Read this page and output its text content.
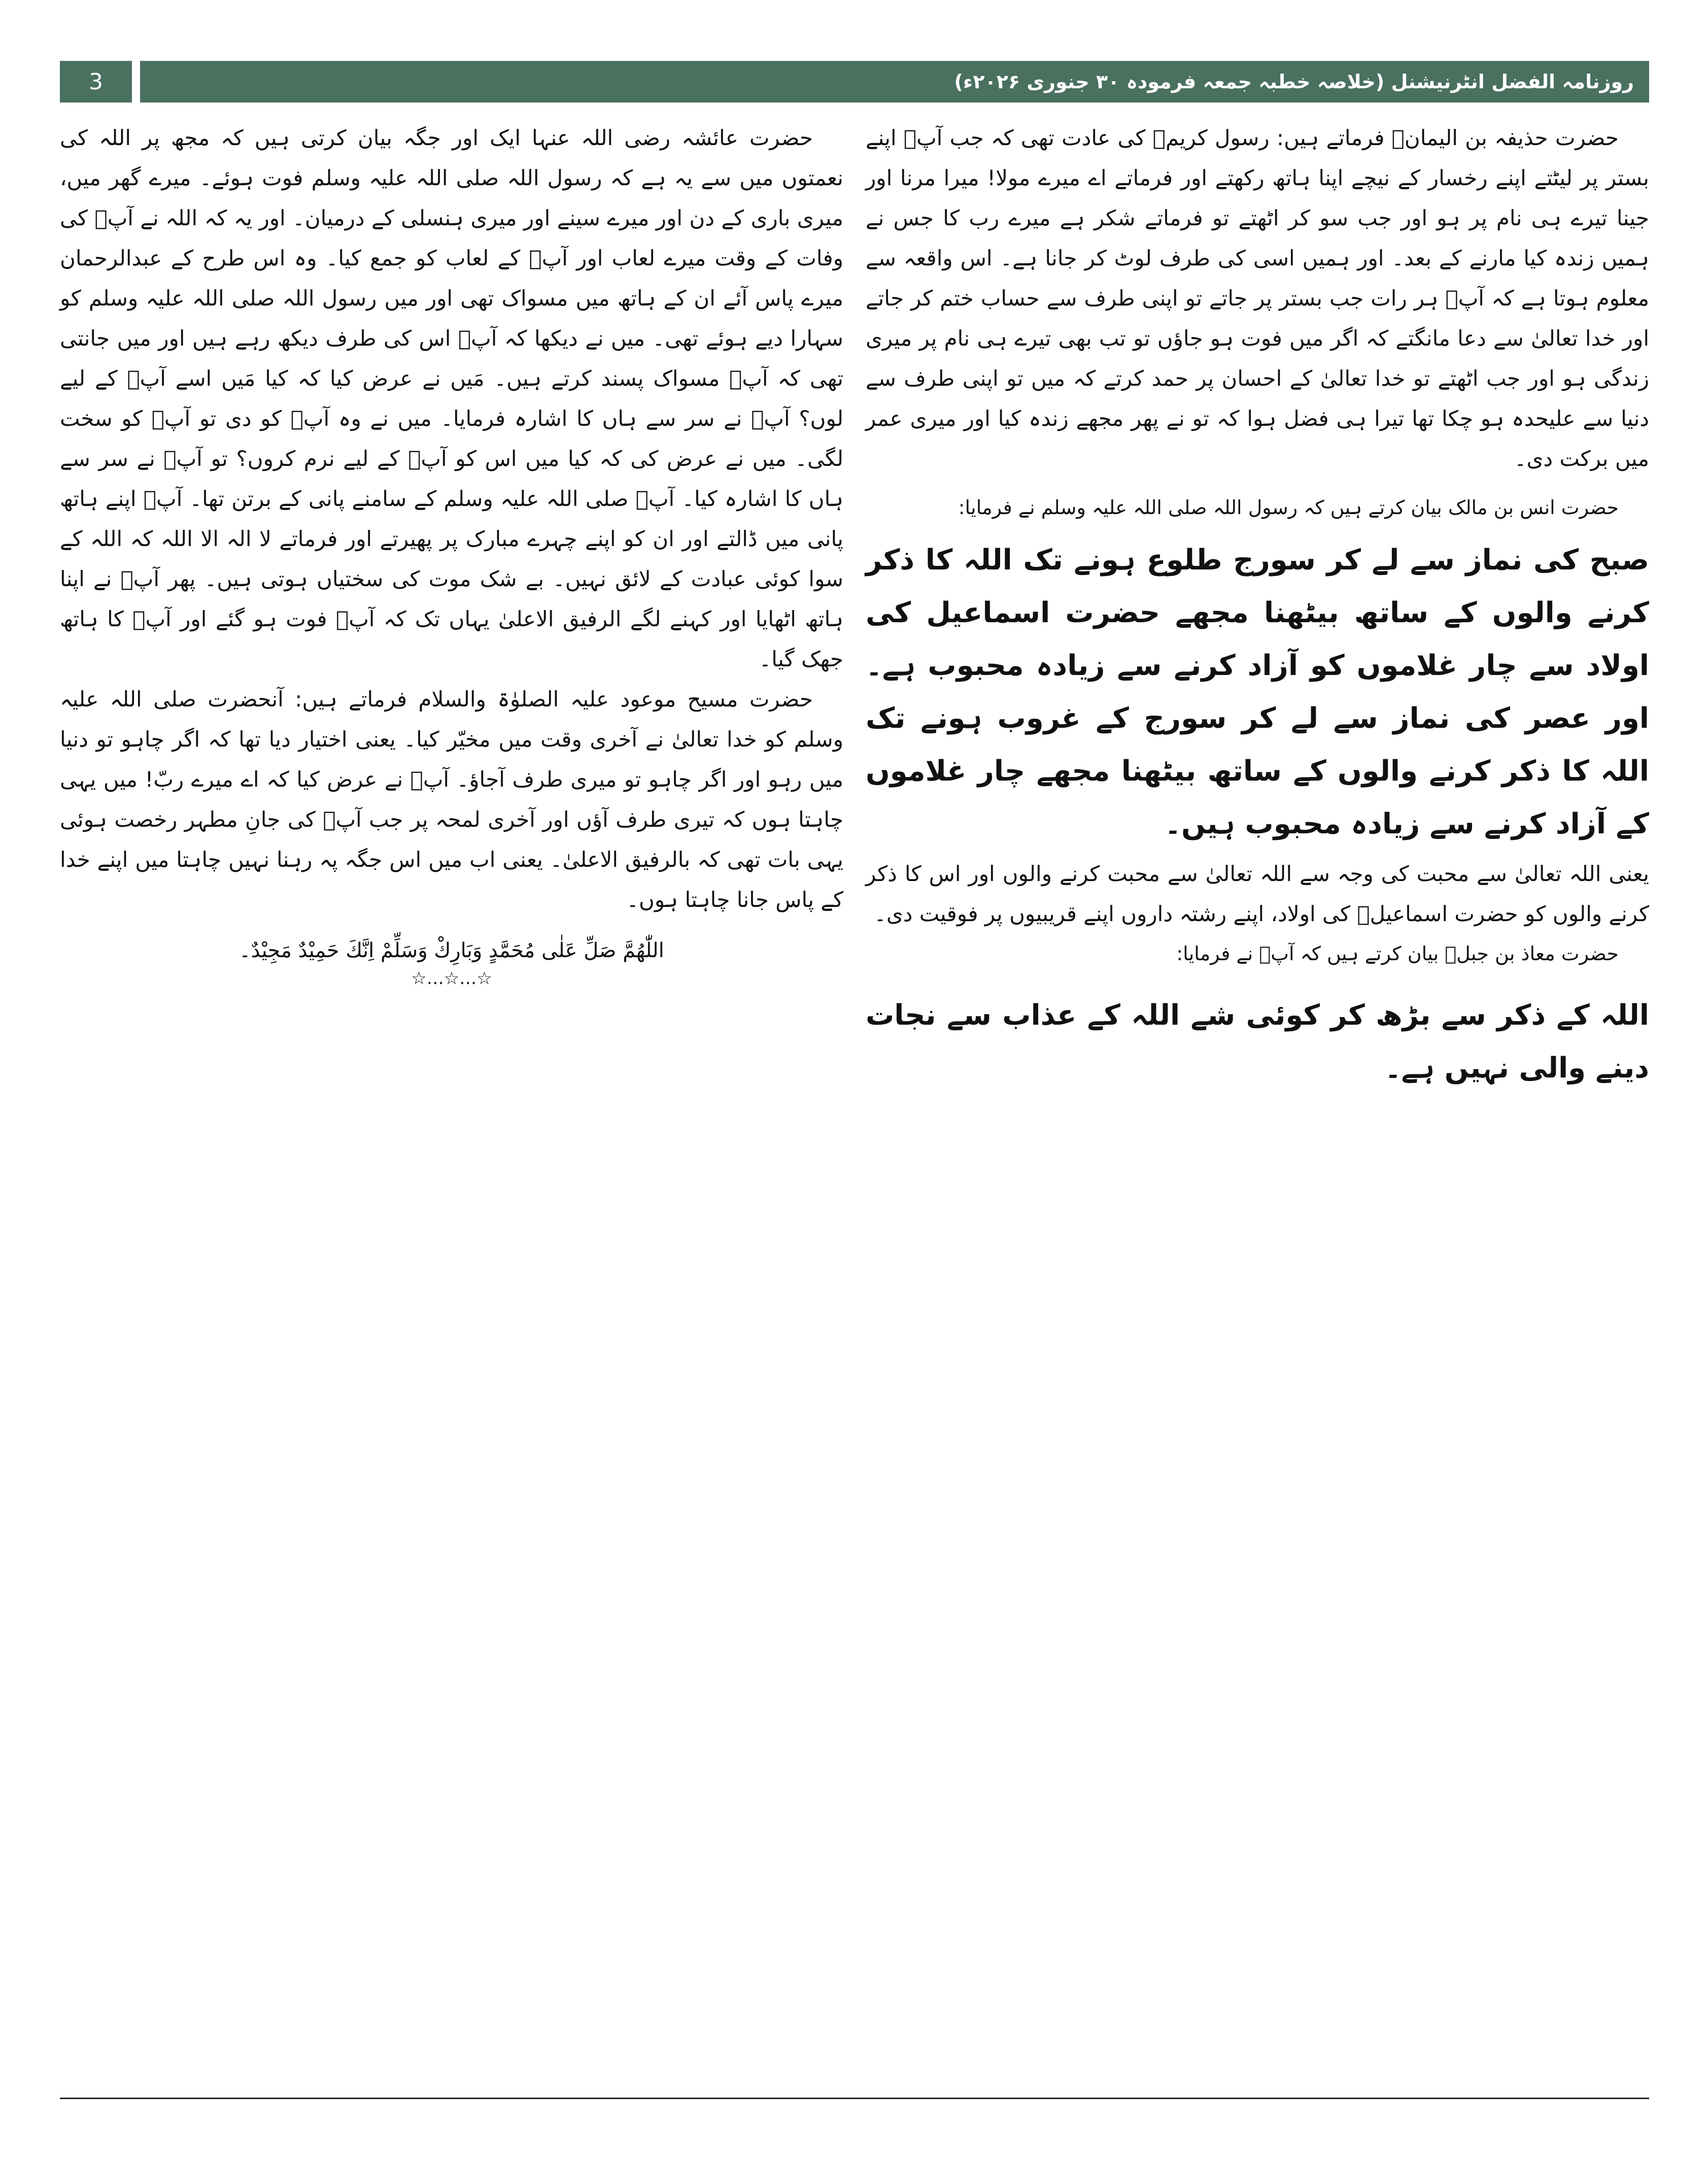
3	روزنامہ الفضل انٹرنیشنل (خلاصہ خطبہ جمعہ فرمودہ ۳۰ جنوری ۲۰۲۶ء)

حضرت حذیفہ بن الیمانؓ فرماتے ہیں: رسول کریمؐ کی عادت تھی کہ جب آپؐ اپنے بستر پر لیٹتے اپنے رخسار کے نیچے اپنا ہاتھ رکھتے اور فرماتے اے میرے مولا! میرا مرنا اور جینا تیرے ہی نام پر ہو اور جب سو کر اٹھتے تو فرماتے شکر ہے میرے رب کا جس نے ہمیں زندہ کیا مارنے کے بعد۔ اور ہمیں اسی کی طرف لوٹ کر جانا ہے۔ اس واقعہ سے معلوم ہوتا ہے کہ آپؐ ہر رات جب بستر پر جاتے تو اپنی طرف سے حساب ختم کر جاتے اور خدا تعالیٰ سے دعا مانگتے کہ اگر میں فوت ہو جاؤں تو تب بھی تیرے ہی نام پر میری زندگی ہو اور جب اٹھتے تو خدا تعالیٰ کے احسان پر حمد کرتے کہ میں تو اپنی طرف سے دنیا سے علیحدہ ہو چکا تھا تیرا ہی فضل ہوا کہ تو نے پھر مجھے زندہ کیا اور میری عمر میں برکت دی۔

حضرت انس بن مالک بیان کرتے ہیں کہ رسول اللہ صلی اللہ علیہ وسلم نے فرمایا:

صبح کی نماز سے لے کر سورج طلوع ہونے تک اللہ کا ذکر کرنے والوں کے ساتھ بیٹھنا مجھے حضرت اسماعیل کی اولاد سے چار غلاموں کو آزاد کرنے سے زیادہ محبوب ہے۔ اور عصر کی نماز سے لے کر سورج کے غروب ہونے تک اللہ کا ذکر کرنے والوں کے ساتھ بیٹھنا مجھے چار غلاموں کے آزاد کرنے سے زیادہ محبوب ہیں۔

یعنی اللہ تعالیٰ سے محبت کی وجہ سے اللہ تعالیٰ سے محبت کرنے والوں اور اس کا ذکر کرنے والوں کو حضرت اسماعیلؑ کی اولاد، اپنے رشتہ داروں اپنے قریبیوں پر فوقیت دی۔

حضرت معاذ بن جبلؓ بیان کرتے ہیں کہ آپؐ نے فرمایا:

اللہ کے ذکر سے بڑھ کر کوئی شے اللہ کے عذاب سے نجات دینے والی نہیں ہے۔

حضرت عائشہ رضی اللہ عنہا ایک اور جگہ بیان کرتی ہیں کہ مجھ پر اللہ کی نعمتوں میں سے یہ ہے کہ رسول اللہ صلی اللہ علیہ وسلم فوت ہوئے۔ میرے گھر میں، میری باری کے دن اور میرے سینے اور میری ہنسلی کے درمیان۔ اور یہ کہ اللہ نے آپؐ کی وفات کے وقت میرے لعاب اور آپؐ کے لعاب کو جمع کیا۔ وہ اس طرح کے عبدالرحمان میرے پاس آئے ان کے ہاتھ میں مسواک تھی اور میں رسول اللہ صلی اللہ علیہ وسلم کو سہارا دیے ہوئے تھی۔ میں نے دیکھا کہ آپؐ اس کی طرف دیکھ رہے ہیں اور میں جانتی تھی کہ آپؐ مسواک پسند کرتے ہیں۔ مَیں نے عرض کیا کہ کیا مَیں اسے آپؐ کے لیے لوں؟ آپؐ نے سر سے ہاں کا اشارہ فرمایا۔ میں نے وہ آپؐ کو دی تو آپؐ کو سخت لگی۔ میں نے عرض کی کہ کیا میں اس کو آپؐ کے لیے نرم کروں؟ تو آپؐ نے سر سے ہاں کا اشارہ کیا۔ آپؐ صلی اللہ علیہ وسلم کے سامنے پانی کے برتن تھا۔ آپؐ اپنے ہاتھ پانی میں ڈالتے اور ان کو اپنے چہرے مبارک پر پھیرتے اور فرماتے لا الہ الا اللہ کہ اللہ کے سوا کوئی عبادت کے لائق نہیں۔ بے شک موت کی سختیاں ہوتی ہیں۔ پھر آپؐ نے اپنا ہاتھ اٹھایا اور کہنے لگے الرفیق الاعلیٰ یہاں تک کہ آپؐ فوت ہو گئے اور آپؐ کا ہاتھ جھک گیا۔

حضرت مسیح موعود علیہ الصلوٰۃ والسلام فرماتے ہیں: آنحضرت صلی اللہ علیہ وسلم کو خدا تعالیٰ نے آخری وقت میں مخیّر کیا۔ یعنی اختیار دیا تھا کہ اگر چاہو تو دنیا میں رہو اور اگر چاہو تو میری طرف آجاؤ۔ آپؐ نے عرض کیا کہ اے میرے ربّ! میں یہی چاہتا ہوں کہ تیری طرف آؤں اور آخری لمحہ پر جب آپؐ کی جانِ مطہر رخصت ہوئی یہی بات تھی کہ بالرفیق الاعلیٰ۔ یعنی اب میں اس جگہ پہ رہنا نہیں چاہتا میں اپنے خدا کے پاس جانا چاہتا ہوں۔

اللّٰهُمَّ صَلِّ عَلٰى مُحَمَّدٍ وَبَارِكْ وَسَلِّمْ اِنَّكَ حَمِيْدٌ مَجِيْدٌ۔

☆…☆…☆
